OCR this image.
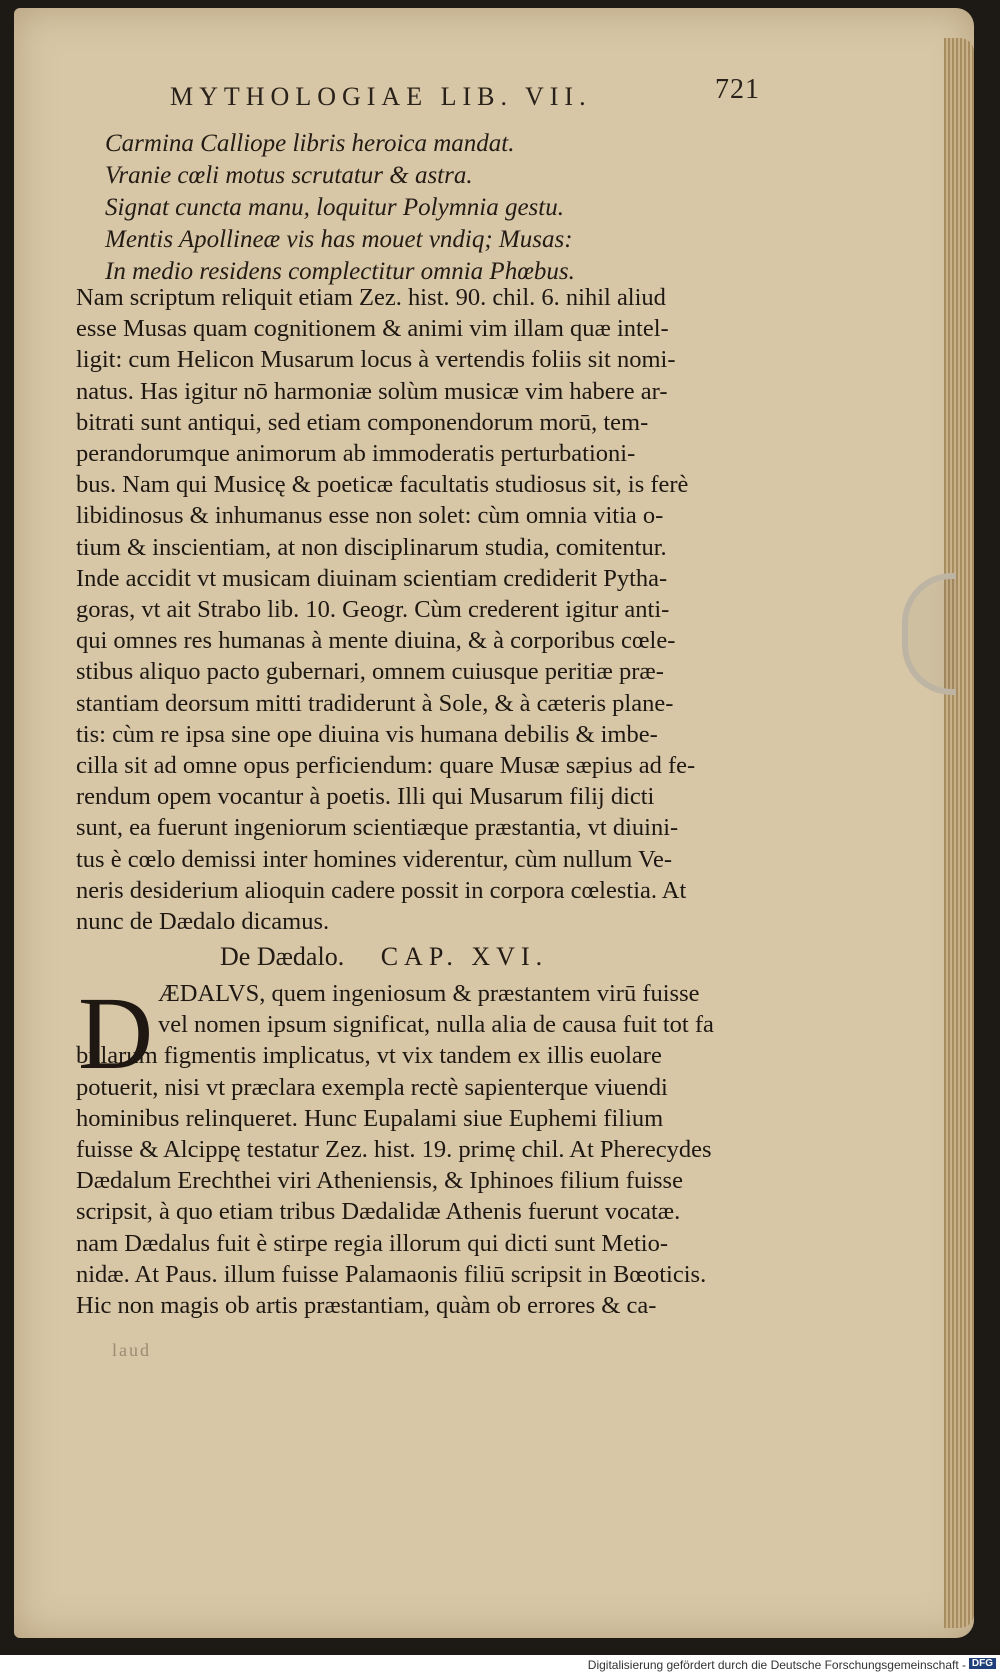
MYTHOLOGIAE LIB. VII.	721
Carmina Calliope libris heroica mandat.
Vranie cœli motus scrutatur & astra.
Signat cuncta manu, loquitur Polymnia gestu.
Mentis Apollineæ vis has mouet vndiq; Musas:
In medio residens complectitur omnia Phœbus.
Nam scriptum reliquit etiam Zez. hist. 90. chil. 6. nihil aliud
esse Musas quam cognitionem & animi vim illam quæ intel-
ligit: cum Helicon Musarum locus à vertendis foliis sit nomi-
natus. Has igitur nō harmoniæ solùm musicæ vim habere ar-
bitrati sunt antiqui, sed etiam componendorum morū, tem-
perandorumque animorum ab immoderatis perturbationi-
bus. Nam qui Musicę & poeticæ facultatis studiosus sit, is ferè
libidinosus & inhumanus esse non solet: cùm omnia vitia o-
tium & inscientiam, at non disciplinarum studia, comitentur.
Inde accidit vt musicam diuinam scientiam crediderit Pytha-
goras, vt ait Strabo lib. 10. Geogr. Cùm crederent igitur anti-
qui omnes res humanas à mente diuina, & à corporibus cœle-
stibus aliquo pacto gubernari, omnem cuiusque peritiæ præ-
stantiam deorsum mitti tradiderunt à Sole, & à cæteris plane-
tis: cùm re ipsa sine ope diuina vis humana debilis & imbe-
cilla sit ad omne opus perficiendum: quare Musæ sæpius ad fe-
rendum opem vocantur à poetis. Illi qui Musarum filij dicti
sunt, ea fuerunt ingeniorum scientiæque præstantia, vt diuini-
tus è cœlo demissi inter homines viderentur, cùm nullum Ve-
neris desiderium alioquin cadere possit in corpora cœlestia. At
nunc de Dædalo dicamus.
De Dædalo. CAP. XVI.
D ÆDALVS, quem ingeniosum & præstantem virū fuisse
vel nomen ipsum significat, nulla alia de causa fuit tot fa
bularum figmentis implicatus, vt vix tandem ex illis euolare
potuerit, nisi vt præclara exempla rectè sapienterque viuendi
hominibus relinqueret. Hunc Eupalami siue Euphemi filium
fuisse & Alcippę testatur Zez. hist. 19. primę chil. At Pherecydes
Dædalum Erechthei viri Atheniensis, & Iphinoes filium fuisse
scripsit, à quo etiam tribus Dædalidæ Athenis fuerunt vocatæ.
nam Dædalus fuit è stirpe regia illorum qui dicti sunt Metio-
nidæ. At Paus. illum fuisse Palamaonis filiū scripsit in Bœoticis.
Hic non magis ob artis præstantiam, quàm ob errores & ca-
laud
Digitalisierung gefördert durch die Deutsche Forschungsgemeinschaft - DFG
